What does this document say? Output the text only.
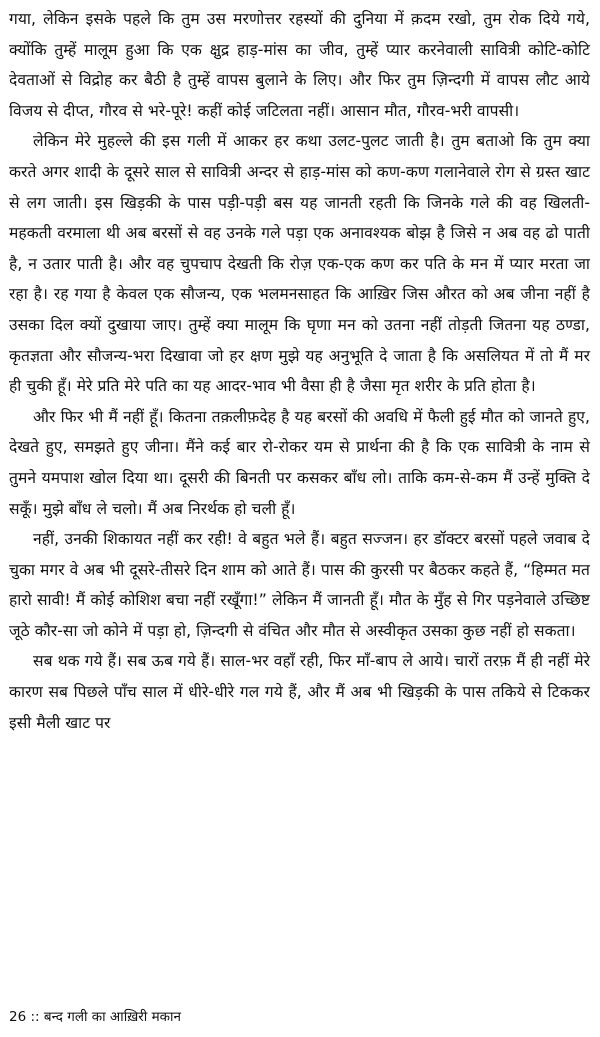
गया, लेकिन इसके पहले कि तुम उस मरणोत्तर रहस्यों की दुनिया में क़दम रखो, तुम रोक दिये गये, क्योंकि तुम्हें मालूम हुआ कि एक क्षुद्र हाड़-मांस का जीव, तुम्हें प्यार करनेवाली सावित्री कोटि-कोटि देवताओं से विद्रोह कर बैठी है तुम्हें वापस बुलाने के लिए। और फिर तुम ज़िन्दगी में वापस लौट आये विजय से दीप्त, गौरव से भरे-पूरे! कहीं कोई जटिलता नहीं। आसान मौत, गौरव-भरी वापसी।

लेकिन मेरे मुहल्ले की इस गली में आकर हर कथा उलट-पुलट जाती है। तुम बताओ कि तुम क्या करते अगर शादी के दूसरे साल से सावित्री अन्दर से हाड़-मांस को कण-कण गलानेवाले रोग से ग्रस्त खाट से लग जाती। इस खिड़की के पास पड़ी-पड़ी बस यह जानती रहती कि जिनके गले की वह खिलती-महकती वरमाला थी अब बरसों से वह उनके गले पड़ा एक अनावश्यक बोझ है जिसे न अब वह ढो पाती है, न उतार पाती है। और वह चुपचाप देखती कि रोज़ एक-एक कण कर पति के मन में प्यार मरता जा रहा है। रह गया है केवल एक सौजन्य, एक भलमनसाहत कि आख़िर जिस औरत को अब जीना नहीं है उसका दिल क्यों दुखाया जाए। तुम्हें क्या मालूम कि घृणा मन को उतना नहीं तोड़ती जितना यह ठण्डा, कृतज्ञता और सौजन्य-भरा दिखावा जो हर क्षण मुझे यह अनुभूति दे जाता है कि असलियत में तो मैं मर ही चुकी हूँ। मेरे प्रति मेरे पति का यह आदर-भाव भी वैसा ही है जैसा मृत शरीर के प्रति होता है।

और फिर भी मैं नहीं हूँ। कितना तक़लीफ़देह है यह बरसों की अवधि में फैली हुई मौत को जानते हुए, देखते हुए, समझते हुए जीना। मैंने कई बार रो-रोकर यम से प्रार्थना की है कि एक सावित्री के नाम से तुमने यमपाश खोल दिया था। दूसरी की बिनती पर कसकर बाँध लो। ताकि कम-से-कम मैं उन्हें मुक्ति दे सकूँ। मुझे बाँध ले चलो। मैं अब निरर्थक हो चली हूँ।

नहीं, उनकी शिकायत नहीं कर रही! वे बहुत भले हैं। बहुत सज्जन। हर डॉक्टर बरसों पहले जवाब दे चुका मगर वे अब भी दूसरे-तीसरे दिन शाम को आते हैं। पास की कुरसी पर बैठकर कहते हैं, “हिम्मत मत हारो सावी! मैं कोई कोशिश बचा नहीं रखूँगा!” लेकिन मैं जानती हूँ। मौत के मुँह से गिर पड़नेवाले उच्छिष्ट जूठे कौर-सा जो कोने में पड़ा हो, ज़िन्दगी से वंचित और मौत से अस्वीकृत उसका कुछ नहीं हो सकता।

सब थक गये हैं। सब ऊब गये हैं। साल-भर वहाँ रही, फिर माँ-बाप ले आये। चारों तरफ़ मैं ही नहीं मेरे कारण सब पिछले पाँच साल में धीरे-धीरे गल गये हैं, और मैं अब भी खिड़की के पास तकिये से टिककर इसी मैली खाट पर

26 :: बन्द गली का आख़िरी मकान
